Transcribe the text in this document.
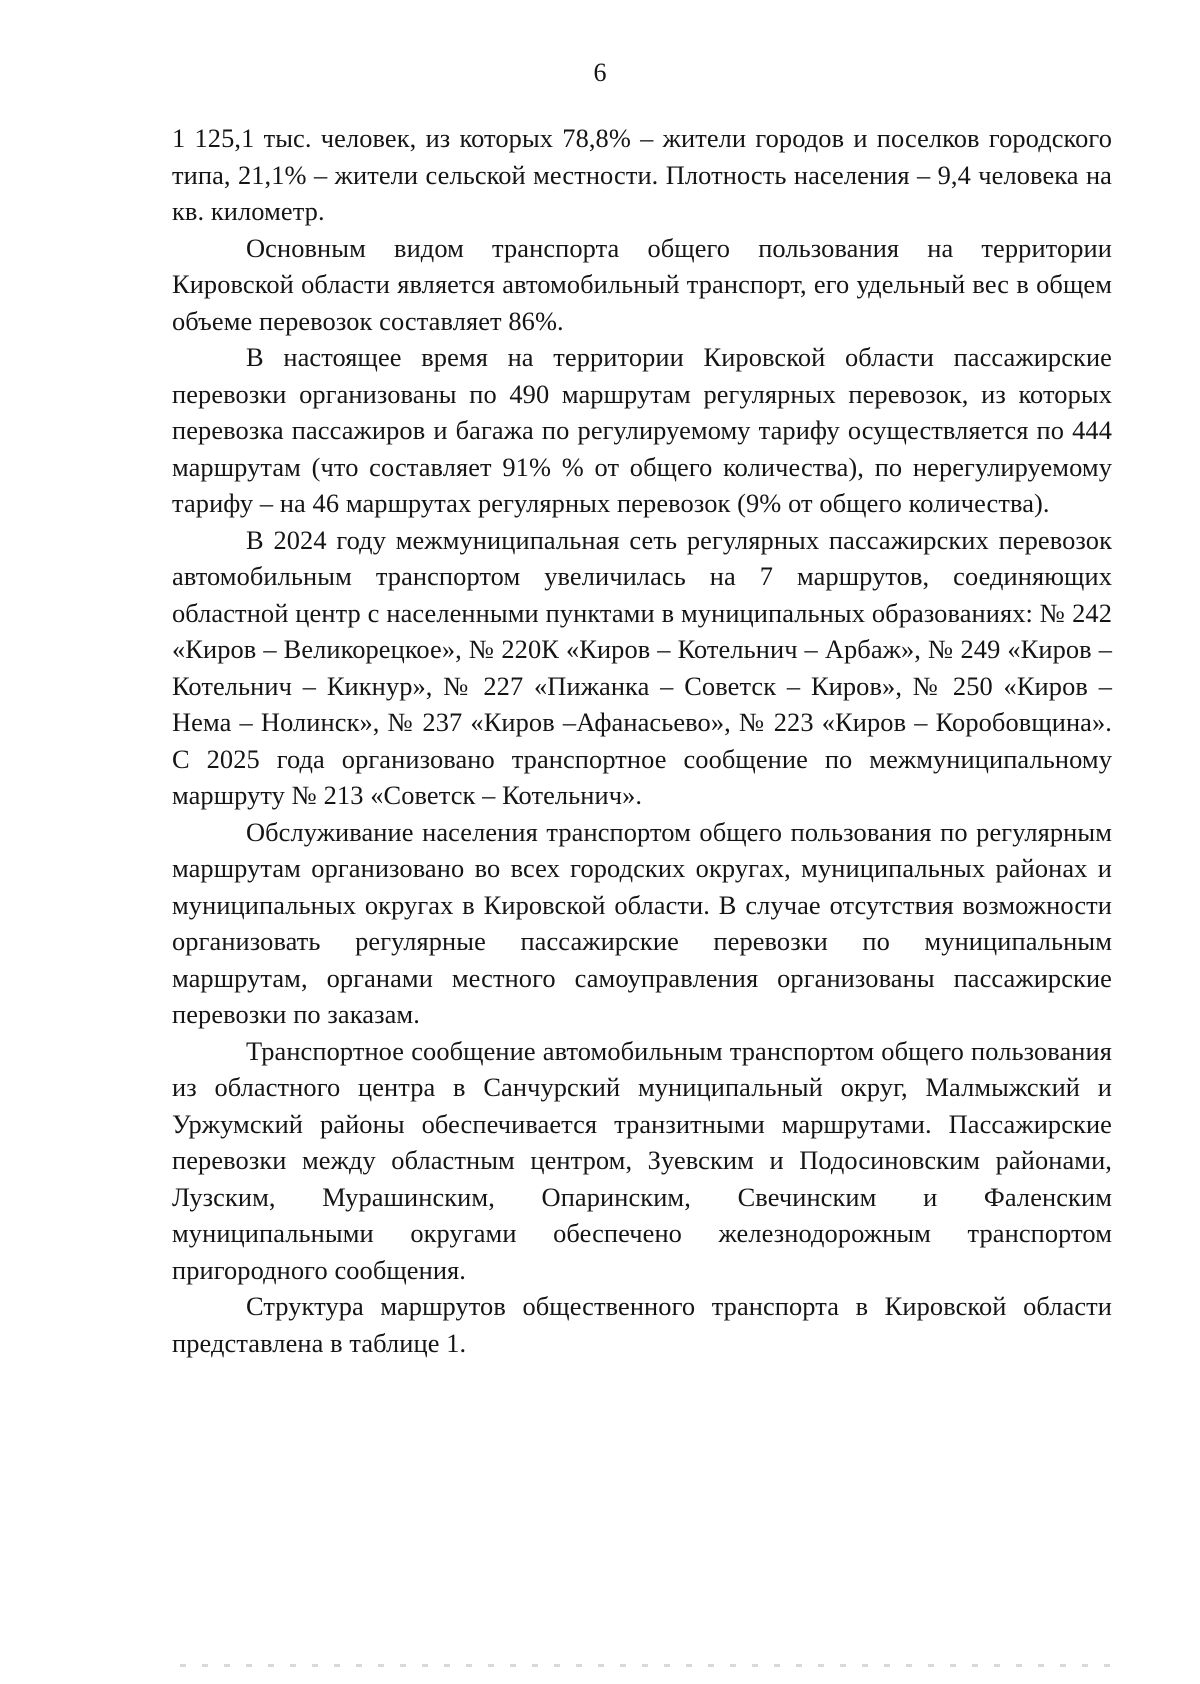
6

1 125,1 тыс. человек, из которых 78,8% – жители городов и поселков городского типа, 21,1% – жители сельской местности. Плотность населения – 9,4 человека на кв. километр.

Основным видом транспорта общего пользования на территории Кировской области является автомобильный транспорт, его удельный вес в общем объеме перевозок составляет 86%.

В настоящее время на территории Кировской области пассажирские перевозки организованы по 490 маршрутам регулярных перевозок, из которых перевозка пассажиров и багажа по регулируемому тарифу осуществляется по 444 маршрутам (что составляет 91% % от общего количества), по нерегулируемому тарифу – на 46 маршрутах регулярных перевозок (9% от общего количества).

В 2024 году межмуниципальная сеть регулярных пассажирских перевозок автомобильным транспортом увеличилась на 7 маршрутов, соединяющих областной центр с населенными пунктами в муниципальных образованиях: № 242 «Киров – Великорецкое», № 220К «Киров – Котельнич – Арбаж», № 249 «Киров – Котельнич – Кикнур», № 227 «Пижанка – Советск – Киров», № 250 «Киров – Нема – Нолинск», № 237 «Киров –Афанасьево», № 223 «Киров – Коробовщина». С 2025 года организовано транспортное сообщение по межмуниципальному маршруту № 213 «Советск – Котельнич».

Обслуживание населения транспортом общего пользования по регулярным маршрутам организовано во всех городских округах, муниципальных районах и муниципальных округах в Кировской области. В случае отсутствия возможности организовать регулярные пассажирские перевозки по муниципальным маршрутам, органами местного самоуправления организованы пассажирские перевозки по заказам.

Транспортное сообщение автомобильным транспортом общего пользования из областного центра в Санчурский муниципальный округ, Малмыжский и Уржумский районы обеспечивается транзитными маршрутами. Пассажирские перевозки между областным центром, Зуевским и Подосиновским районами, Лузским, Мурашинским, Опаринским, Свечинским и Фаленским муниципальными округами обеспечено железнодорожным транспортом пригородного сообщения.

Структура маршрутов общественного транспорта в Кировской области представлена в таблице 1.
